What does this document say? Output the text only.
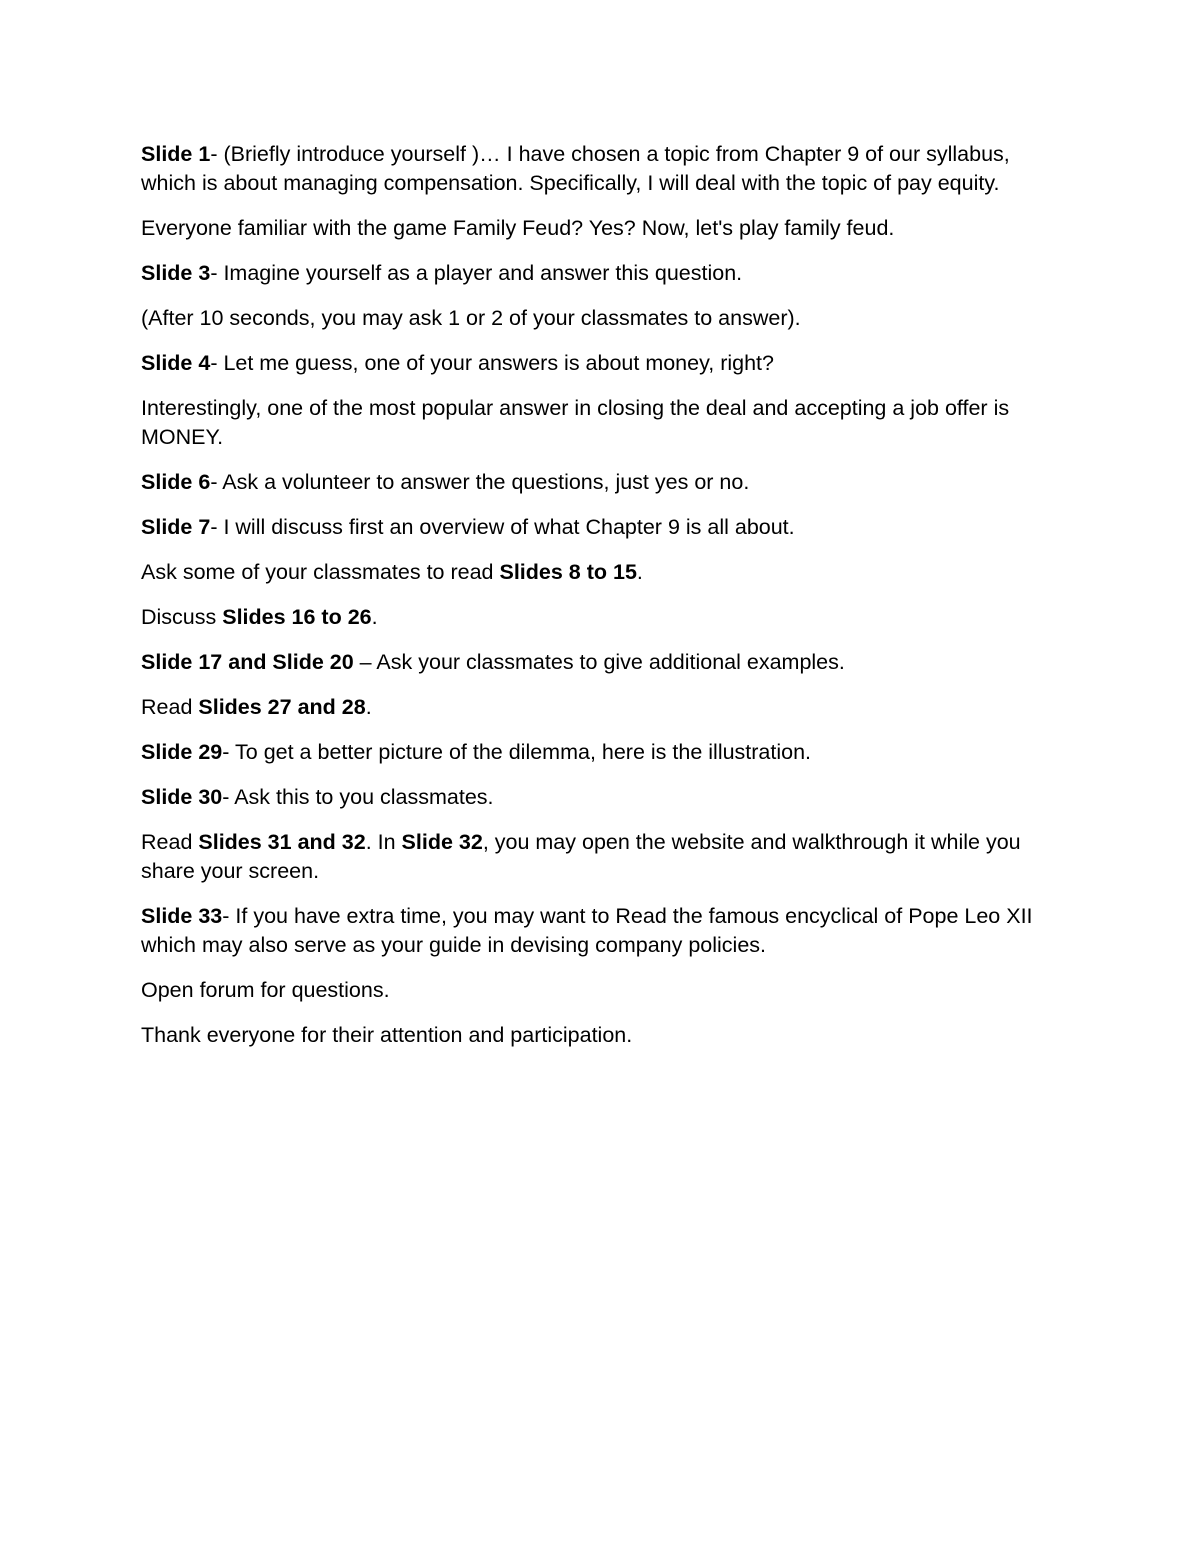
Slide 1- (Briefly introduce yourself )… I have chosen a topic from Chapter 9 of our syllabus, which is about managing compensation. Specifically, I will deal with the topic of pay equity.

Everyone familiar with the game Family Feud? Yes? Now, let's play family feud.

Slide 3- Imagine yourself as a player and answer this question.

(After 10 seconds, you may ask 1 or 2 of your classmates to answer).

Slide 4- Let me guess, one of your answers is about money, right?

Interestingly, one of the most popular answer in closing the deal and accepting a job offer is MONEY.

Slide 6- Ask a volunteer to answer the questions, just yes or no.

Slide 7- I will discuss first an overview of what Chapter 9 is all about.

Ask some of your classmates to read Slides 8 to 15.

Discuss Slides 16 to 26.

Slide 17 and Slide 20 – Ask your classmates to give additional examples.

Read Slides 27 and 28.

Slide 29- To get a better picture of the dilemma, here is the illustration.

Slide 30- Ask this to you classmates.

Read Slides 31 and 32. In Slide 32, you may open the website and walkthrough it while you share your screen.

Slide 33- If you have extra time, you may want to Read the famous encyclical of Pope Leo XII which may also serve as your guide in devising company policies.

Open forum for questions.

Thank everyone for their attention and participation.
